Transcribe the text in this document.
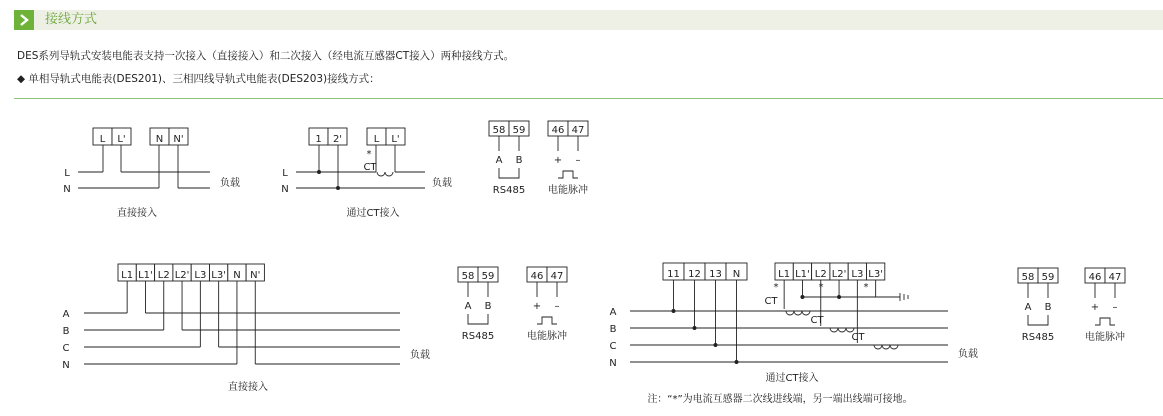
接线方式
DES系列导轨式安装电能表支持一次接入（直接接入）和二次接入（经电流互感器CT接入）两种接线方式。
◆ 单相导轨式电能表(DES201)、三相四线导轨式电能表(DES203)接线方式：
L L'	N N'
L
N
负载
直接接入
1 2'	L L'
L
N
CT
*
负载
通过CT接入
58 59
A B
RS485
46 47
+ –
电能脉冲
L1 L1' L2 L2' L3 L3' N N'
A
B
C
N
负载
直接接入
58 59
A B
RS485
46 47
+ –
电能脉冲
11 12 13 N	L1 L1' L2 L2' L3 L3'
A
B
C
N
*	*	*
CT
CT
CT
负载
通过CT接入
注：“*”为电流互感器二次线进线端，另一端出线端可接地。
58 59
A B
RS485
46 47
+ –
电能脉冲
